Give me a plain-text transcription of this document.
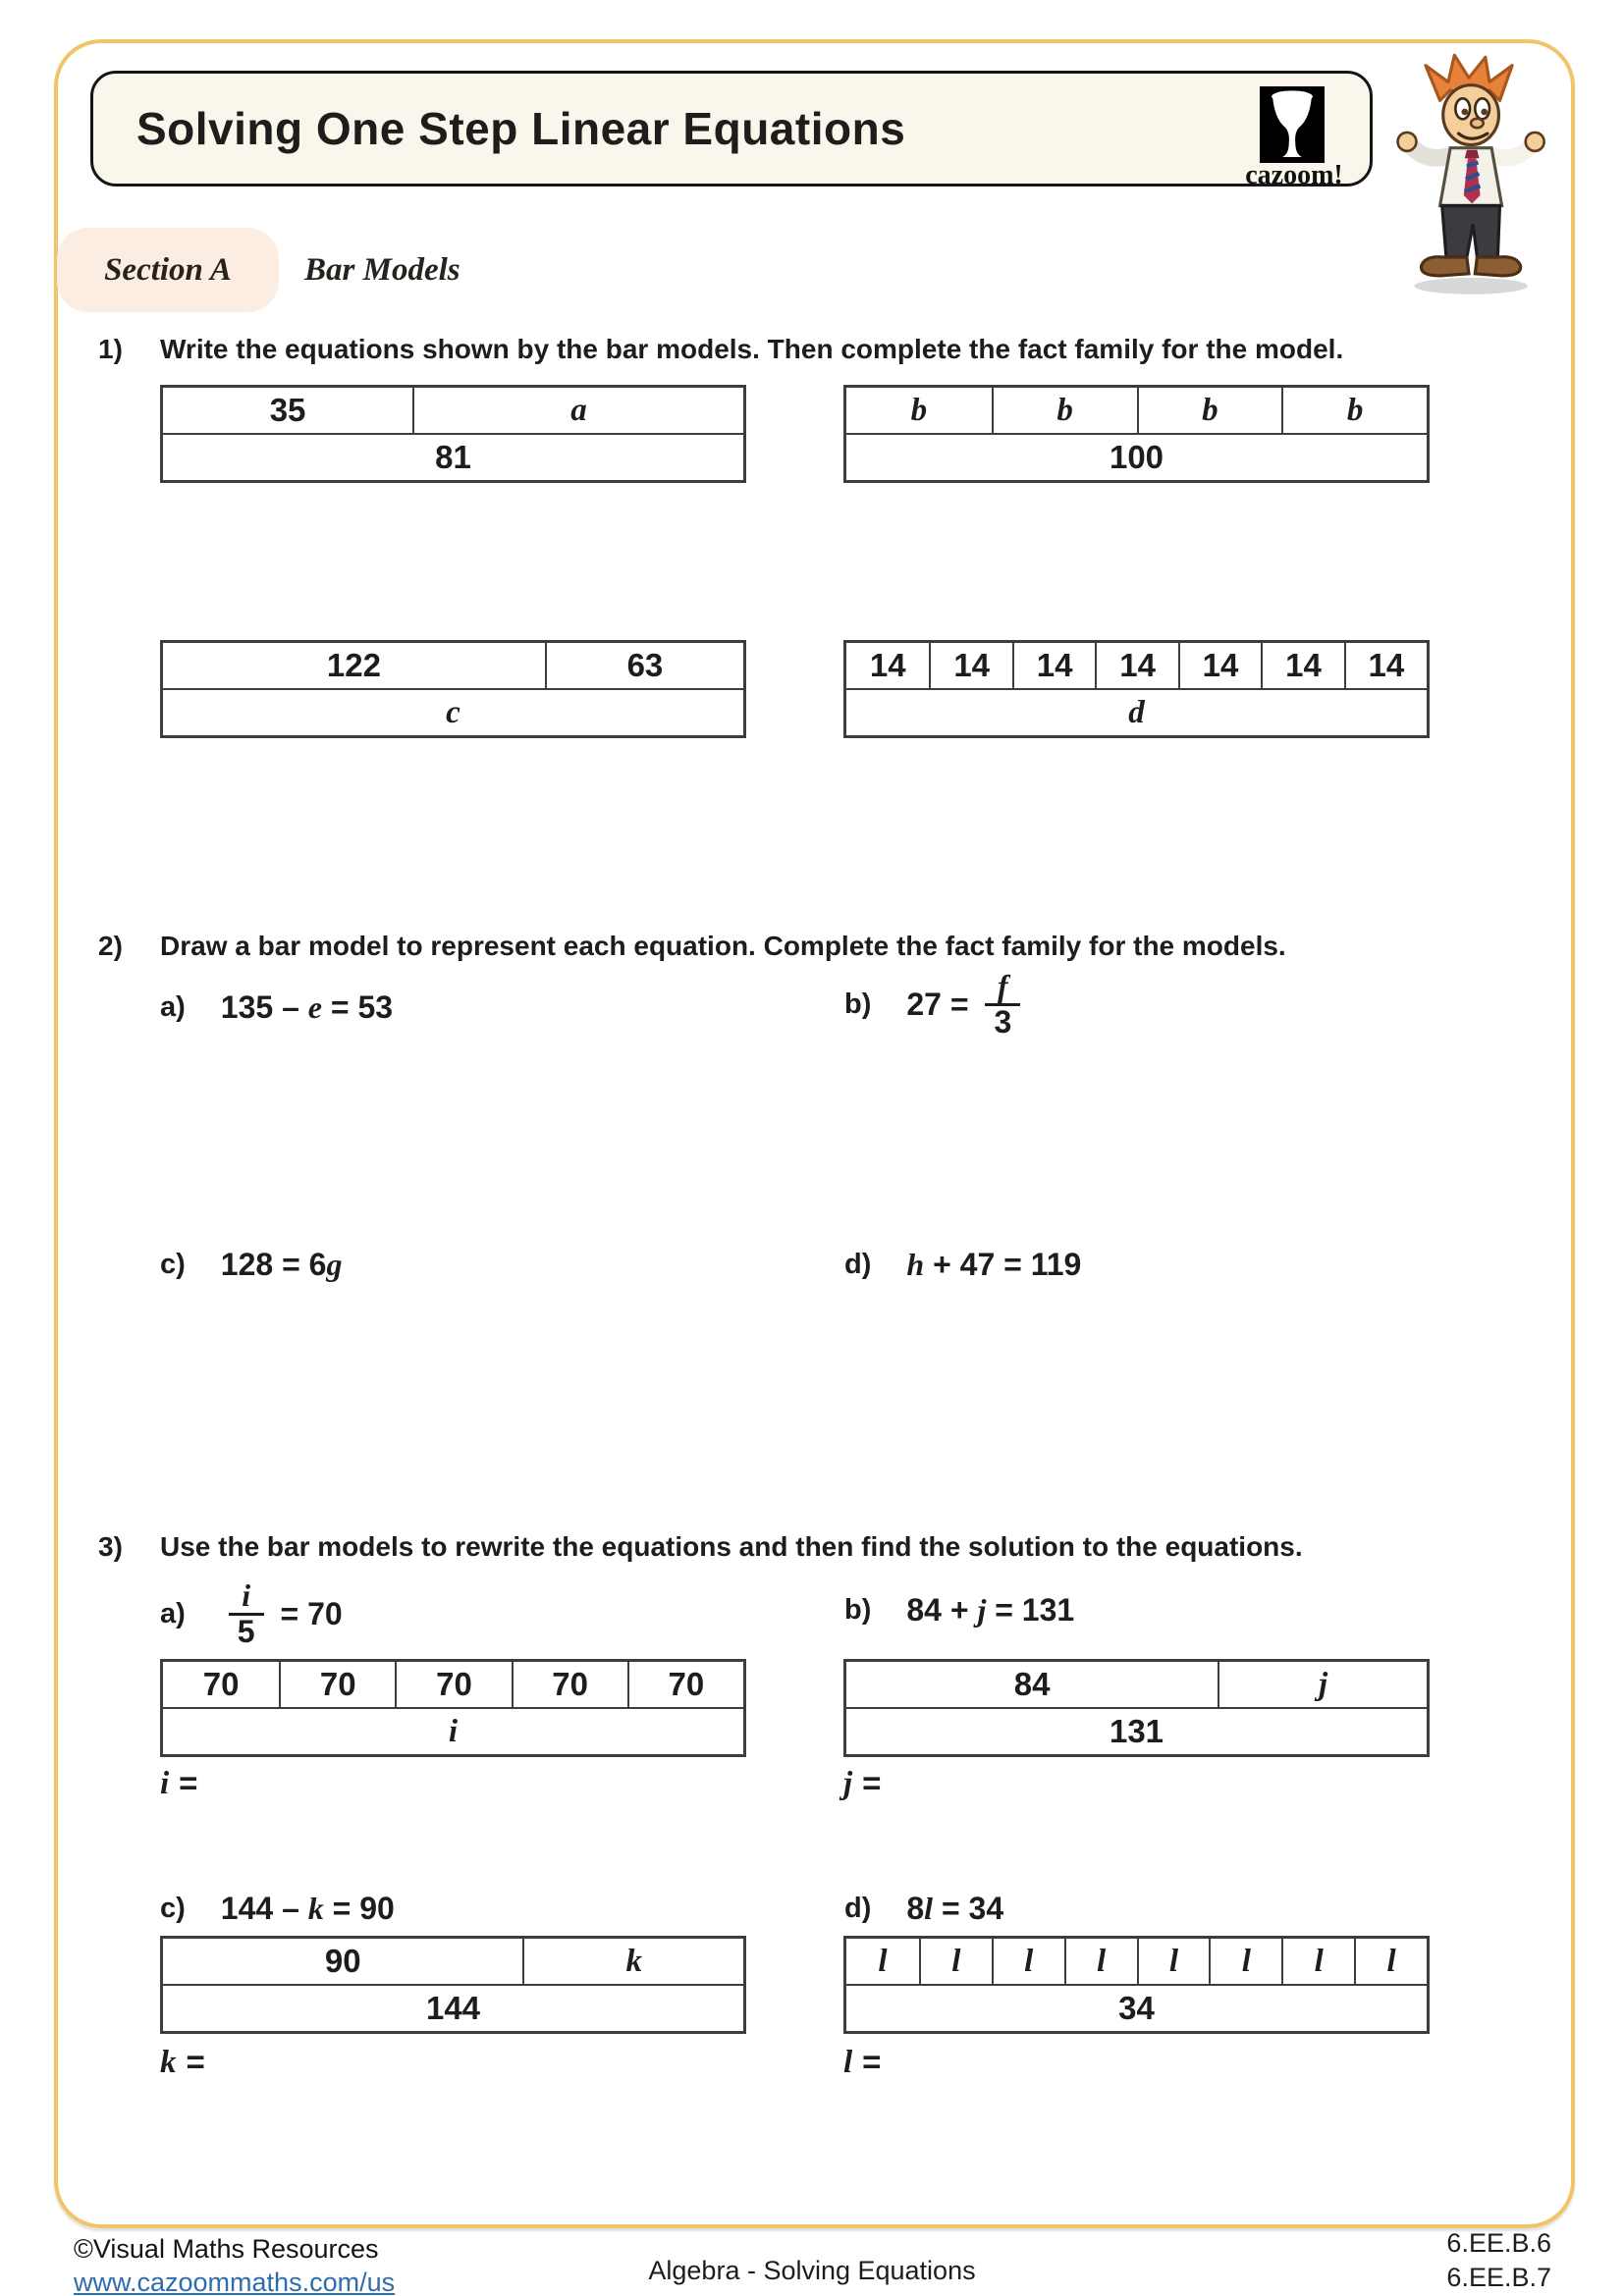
Solving One Step Linear Equations
cazoom!
Section A Bar Models
1) Write the equations shown by the bar models. Then complete the fact family for the model.
35	a
81
b	b	b	b
100
122	63
c
14	14	14	14	14	14	14
d
2) Draw a bar model to represent each equation. Complete the fact family for the models.
a) 135 – e = 53	b) $27 = \frac{f}{3}$
c) 128 = 6 g	d) h + 47 = 119
3) Use the bar models to rewrite the equations and then find the solution to the equations.
$a) \frac{i}{5} = 70$	b) 84 + j = 131
70	70	70	70	70
i
84	j
131
i =	j =
c) 144 – k = 90	d) 8 l = 34
90	k
144
l	l	l	l	l	l	l	l
34
k =	l =
©Visual Maths Resources
www.cazoommaths.com/us	Algebra - Solving Equations
6.EE.B.6
6.EE.B.7
